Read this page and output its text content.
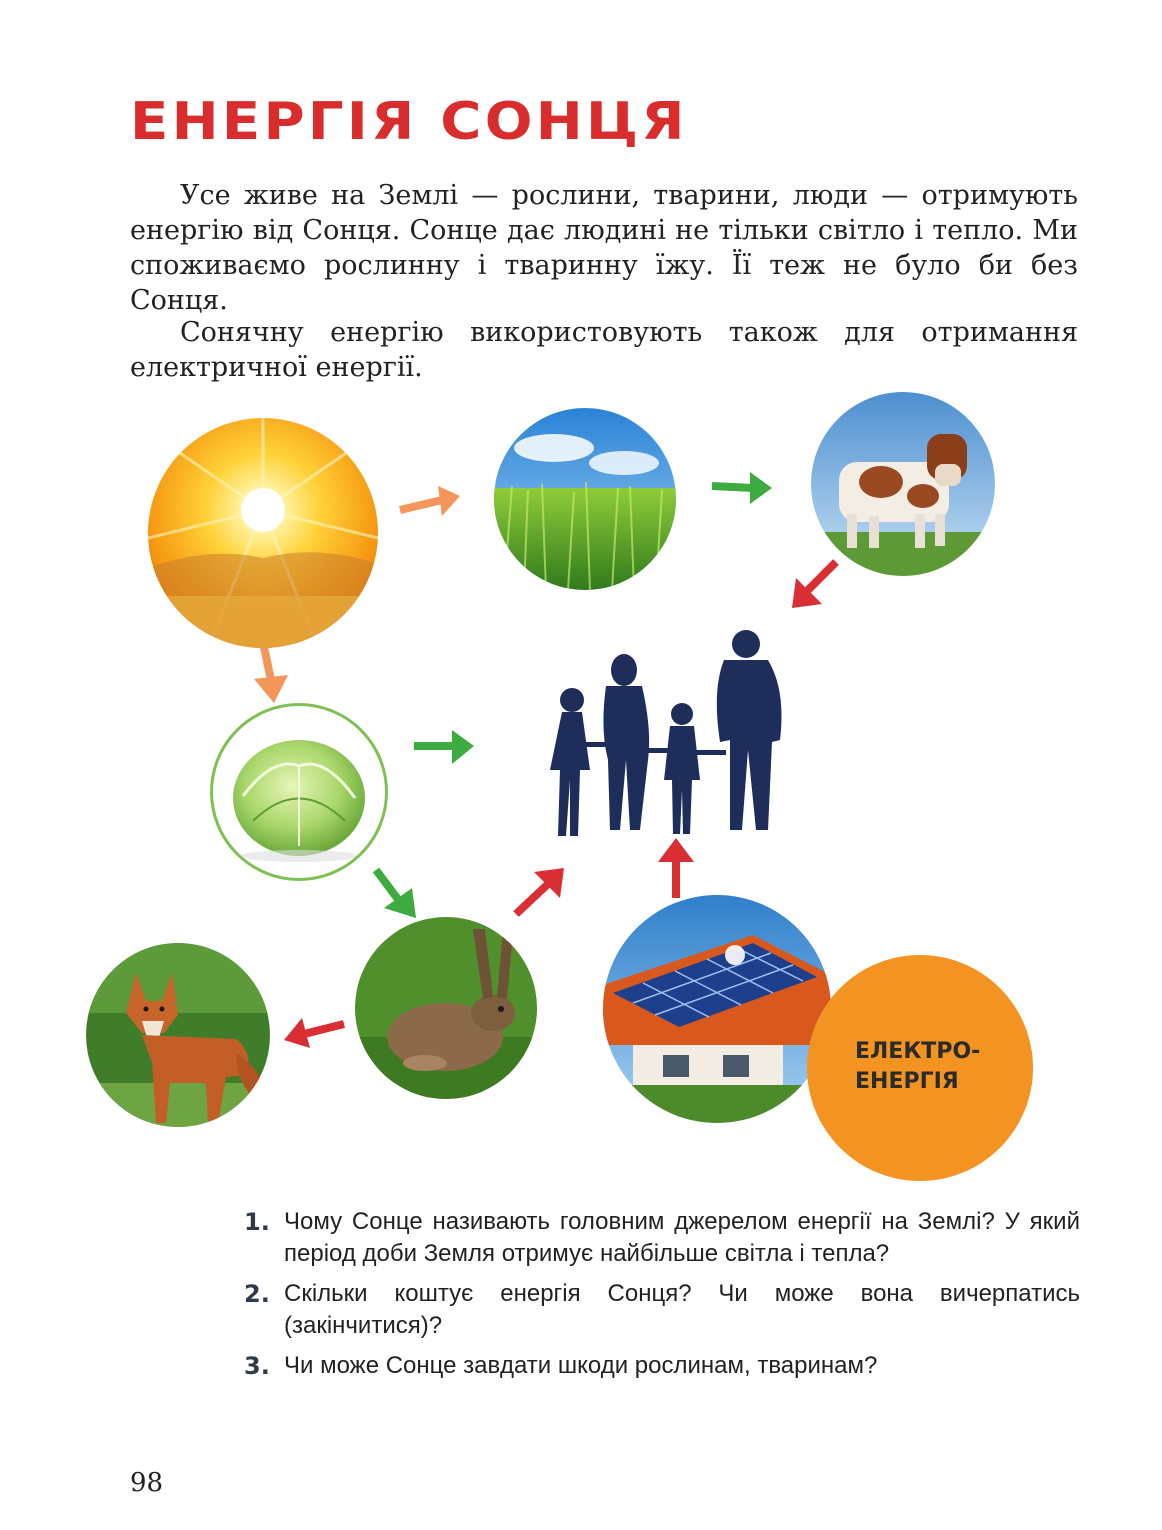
ЕНЕРГІЯ СОНЦЯ

Усе живе на Землі — рослини, тварини, люди — отримують енергію від Сонця. Сонце дає людині не тільки світло і тепло. Ми споживаємо рослинну і тваринну їжу. Її теж не було би без Сонця.

Сонячну енергію використовують також для отримання електричної енергії.

ЕЛЕКТРО-
ЕНЕРГІЯ
1. Чому Сонце називають головним джерелом енергії на Землі? У який період доби Земля отримує найбільше світла і тепла?
2. Скільки коштує енергія Сонця? Чи може вона вичерпатись (закінчитися)?
3. Чи може Сонце завдати шкоди рослинам, тваринам?
98
